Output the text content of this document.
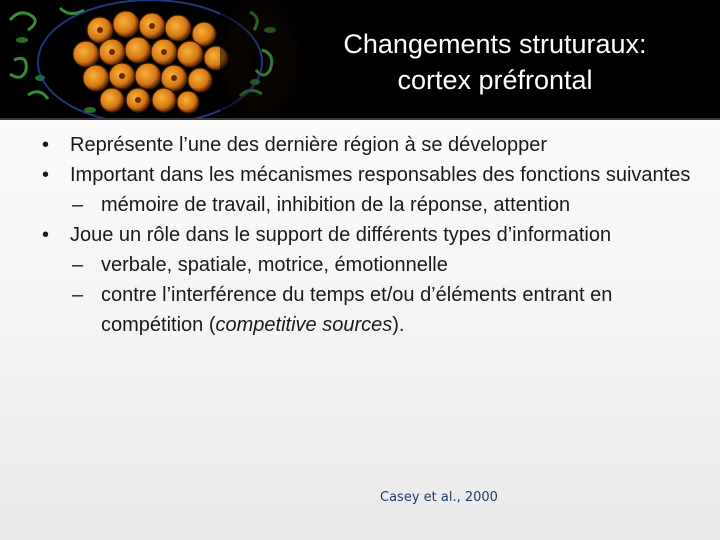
Changements struturaux:
cortex préfrontal
• Représente l’une des dernière région à se développer
• Important dans les mécanismes responsables des fonctions suivantes
– mémoire de travail, inhibition de la réponse, attention
• Joue un rôle dans le support de différents types d’information
– verbale, spatiale, motrice, émotionnelle
– contre l’interférence du temps et/ou d’éléments entrant en compétition (competitive sources).
Casey et al., 2000
